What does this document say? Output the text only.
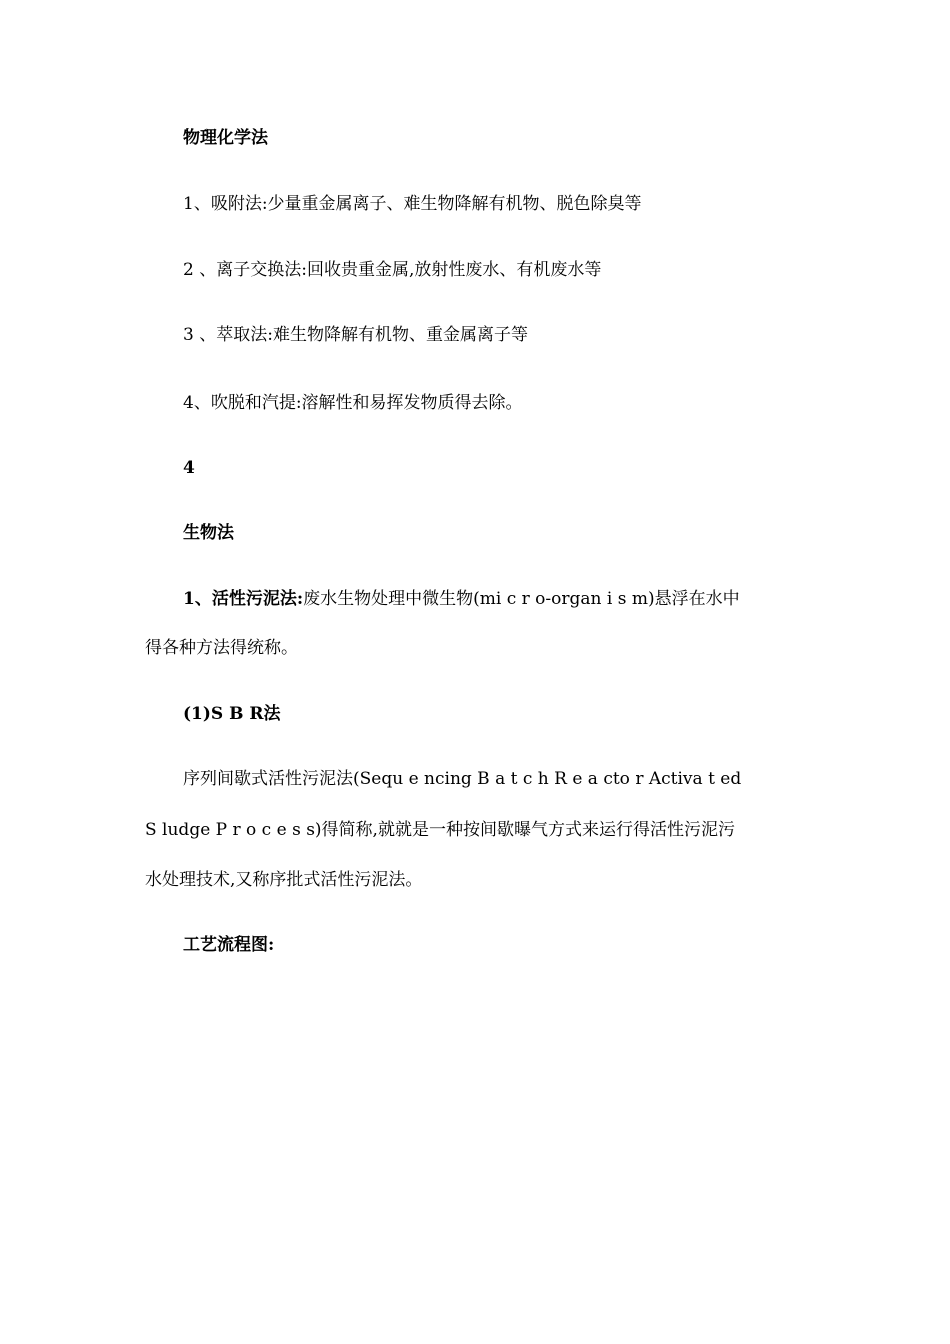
物理化学法
1、吸附法:少量重金属离子、难生物降解有机物、脱色除臭等
2 、离子交换法:回收贵重金属,放射性废水、有机废水等
3 、萃取法:难生物降解有机物、重金属离子等
4、吹脱和汽提:溶解性和易挥发物质得去除。
4
生物法
1、活性污泥法:废水生物处理中微生物(mi c r o-organ i s m)悬浮在水中
得各种方法得统称。
(1)S B R法
序列间歇式活性污泥法(Sequ e ncing B a t c h R e a cto r Activa t ed
S ludge P r o c e s s)得简称,就就是一种按间歇曝气方式来运行得活性污泥污
水处理技术,又称序批式活性污泥法。
工艺流程图:
